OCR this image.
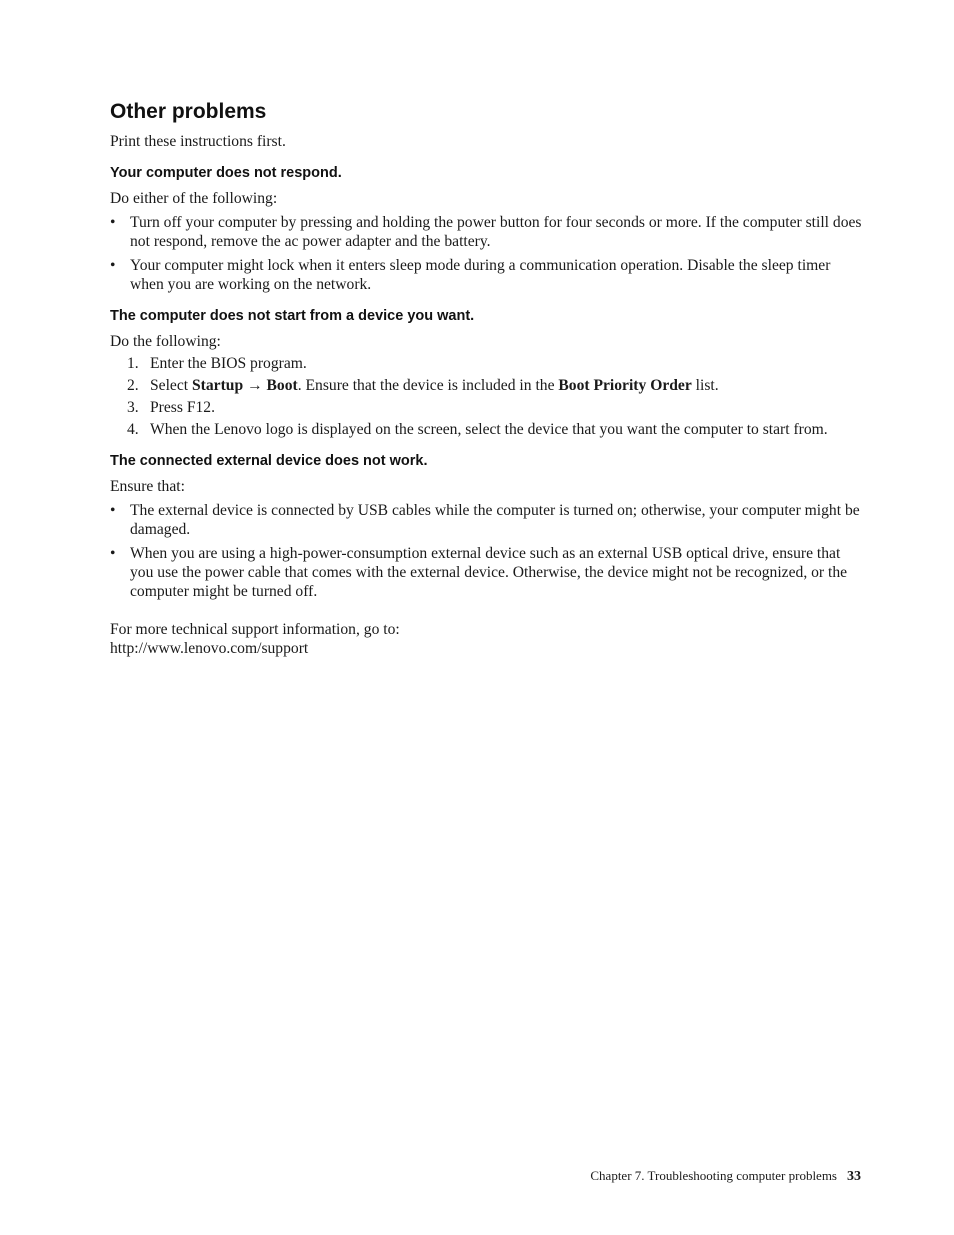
Other problems

Print these instructions first.

Your computer does not respond.

Do either of the following:

• Turn off your computer by pressing and holding the power button for four seconds or more. If the computer still does not respond, remove the ac power adapter and the battery.
• Your computer might lock when it enters sleep mode during a communication operation. Disable the sleep timer when you are working on the network.
The computer does not start from a device you want.

Do the following:

1. Enter the BIOS program.
2. Select Startup → Boot. Ensure that the device is included in the Boot Priority Order list.
3. Press F12.
4. When the Lenovo logo is displayed on the screen, select the device that you want the computer to start from.
The connected external device does not work.

Ensure that:

• The external device is connected by USB cables while the computer is turned on; otherwise, your computer might be damaged.
• When you are using a high-power-consumption external device such as an external USB optical drive, ensure that you use the power cable that comes with the external device. Otherwise, the device might not be recognized, or the computer might be turned off.

For more technical support information, go to:

http://www.lenovo.com/support

Chapter 7. Troubleshooting computer problems 33
